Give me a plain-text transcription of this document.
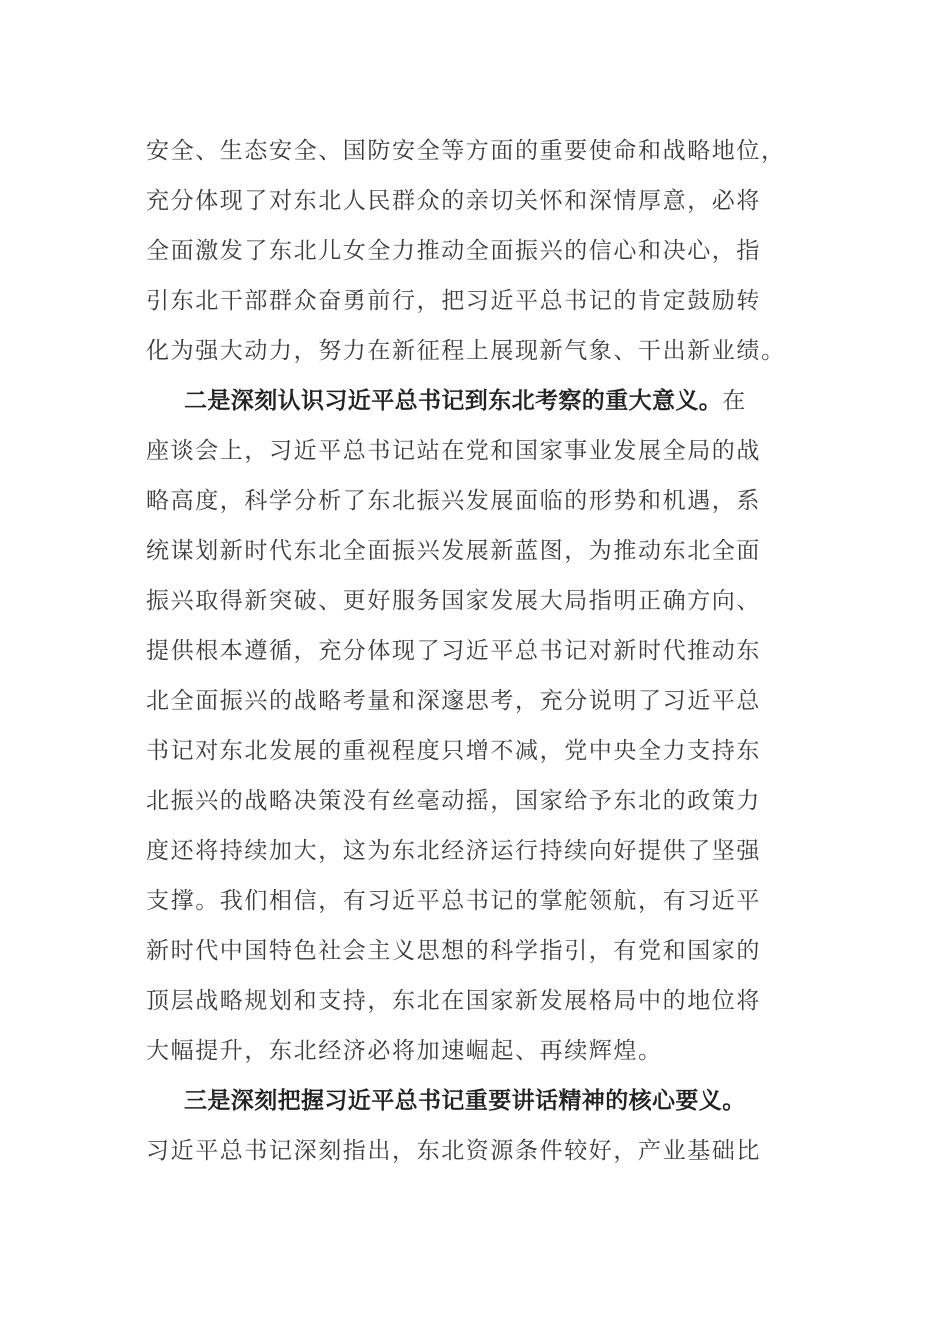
安全、生态安全、国防安全等方面的重要使命和战略地位，
充分体现了对东北人民群众的亲切关怀和深情厚意，必将
全面激发了东北儿女全力推动全面振兴的信心和决心，指
引东北干部群众奋勇前行，把习近平总书记的肯定鼓励转
化为强大动力，努力在新征程上展现新气象、干出新业绩。
二是深刻认识习近平总书记到东北考察的重大意义。在
座谈会上，习近平总书记站在党和国家事业发展全局的战
略高度，科学分析了东北振兴发展面临的形势和机遇，系
统谋划新时代东北全面振兴发展新蓝图，为推动东北全面
振兴取得新突破、更好服务国家发展大局指明正确方向、
提供根本遵循，充分体现了习近平总书记对新时代推动东
北全面振兴的战略考量和深邃思考，充分说明了习近平总
书记对东北发展的重视程度只增不减，党中央全力支持东
北振兴的战略决策没有丝毫动摇，国家给予东北的政策力
度还将持续加大，这为东北经济运行持续向好提供了坚强
支撑。我们相信，有习近平总书记的掌舵领航，有习近平
新时代中国特色社会主义思想的科学指引，有党和国家的
顶层战略规划和支持，东北在国家新发展格局中的地位将
大幅提升，东北经济必将加速崛起、再续辉煌。
三是深刻把握习近平总书记重要讲话精神的核心要义。
习近平总书记深刻指出，东北资源条件较好，产业基础比
